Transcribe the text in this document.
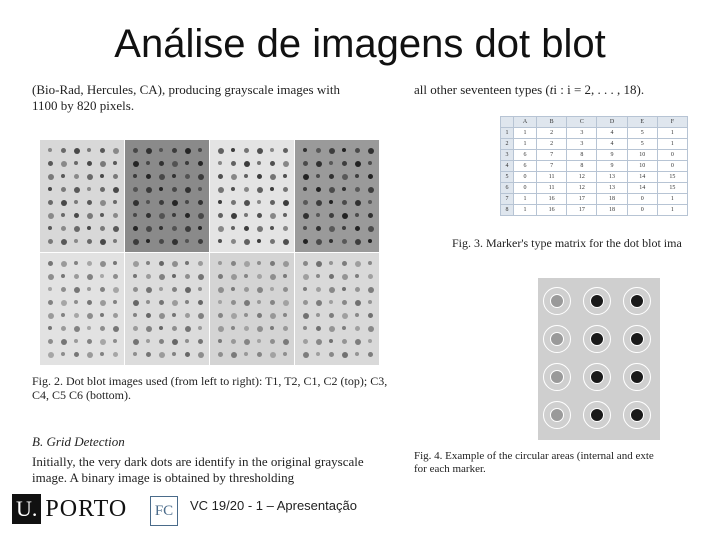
Análise de imagens dot blot
(Bio-Rad, Hercules, CA), producing grayscale images with
1100 by 820 pixels.
all other seventeen types (ti : i = 2, . . . , 18).
	A	B	C	D	E	F
1	1	2	3	4	5	1
2	1	2	3	4	5	1
3	6	7	8	9	10	0
4	6	7	8	9	10	0
5	0	11	12	13	14	15
6	0	11	12	13	14	15
7	1	16	17	18	0	1
8	1	16	17	18	0	1
Fig. 3. Marker's type matrix for the dot blot ima
Fig. 2. Dot blot images used (from left to right): T1, T2, C1, C2 (top); C3, C4, C5 C6 (bottom).
B. Grid Detection
Initially, the very dark dots are identify in the original grayscale image. A binary image is obtained by thresholding
Fig. 4. Example of the circular areas (internal and exte
for each marker.
U. PORTO	FC	VC 19/20 - 1 – Apresentação
